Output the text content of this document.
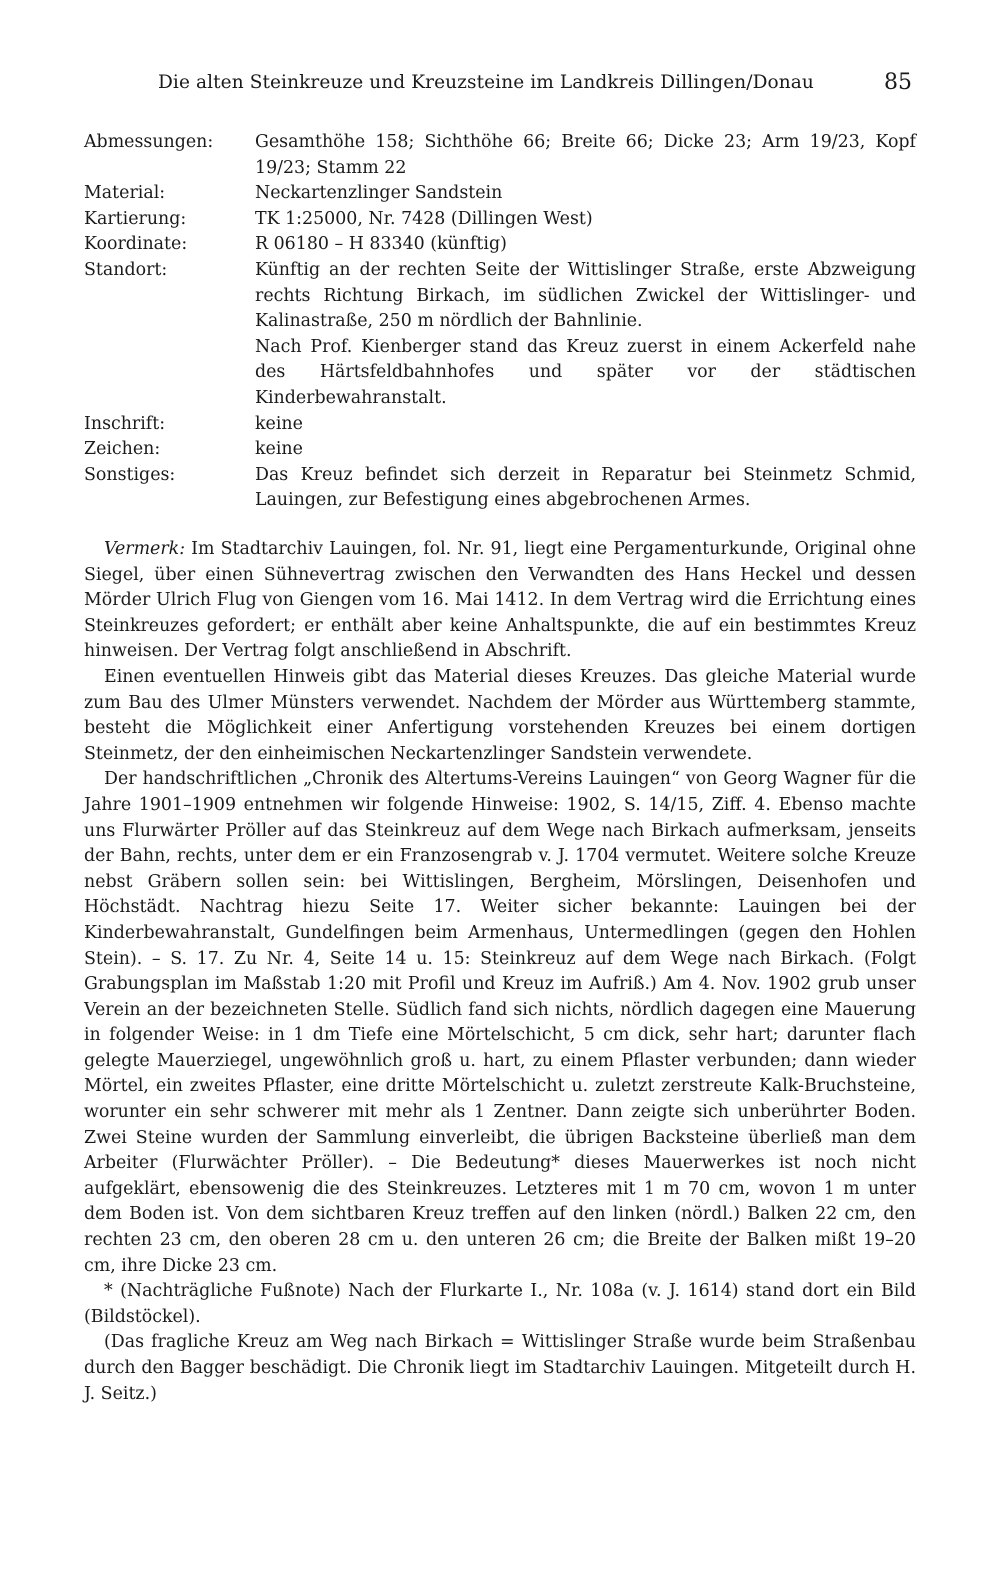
Die alten Steinkreuze und Kreuzsteine im Landkreis Dillingen/Donau	85
Abmessungen:	Gesamthöhe 158; Sichthöhe 66; Breite 66; Dicke 23; Arm 19/23, Kopf 19/23; Stamm 22

Material:	Neckartenzlinger Sandstein

Kartierung:	TK 1:25000, Nr. 7428 (Dillingen West)

Koordinate:	R 06180 – H 83340 (künftig)

Standort:	Künftig an der rechten Seite der Wittislinger Straße, erste Abzweigung rechts Richtung Birkach, im südlichen Zwickel der Wittislinger- und Kalinastraße, 250 m nördlich der Bahnlinie.

Nach Prof. Kienberger stand das Kreuz zuerst in einem Ackerfeld nahe des Härtsfeldbahnhofes und später vor der städtischen Kinderbewahranstalt.

Inschrift:	keine

Zeichen:	keine

Sonstiges:	Das Kreuz befindet sich derzeit in Reparatur bei Steinmetz Schmid, Lauingen, zur Befestigung eines abgebrochenen Armes.

Vermerk: Im Stadtarchiv Lauingen, fol. Nr. 91, liegt eine Pergamenturkunde, Original ohne Siegel, über einen Sühnevertrag zwischen den Verwandten des Hans Heckel und dessen Mörder Ulrich Flug von Giengen vom 16. Mai 1412. In dem Vertrag wird die Errichtung eines Steinkreuzes gefordert; er enthält aber keine Anhaltspunkte, die auf ein bestimmtes Kreuz hinweisen. Der Vertrag folgt anschließend in Abschrift.

Einen eventuellen Hinweis gibt das Material dieses Kreuzes. Das gleiche Material wurde zum Bau des Ulmer Münsters verwendet. Nachdem der Mörder aus Württemberg stammte, besteht die Möglichkeit einer Anfertigung vorstehenden Kreuzes bei einem dortigen Steinmetz, der den einheimischen Neckartenzlinger Sandstein verwendete.

Der handschriftlichen „Chronik des Altertums-Vereins Lauingen“ von Georg Wagner für die Jahre 1901–1909 entnehmen wir folgende Hinweise: 1902, S. 14/15, Ziff. 4. Ebenso machte uns Flurwärter Pröller auf das Steinkreuz auf dem Wege nach Birkach aufmerksam, jenseits der Bahn, rechts, unter dem er ein Franzosengrab v. J. 1704 vermutet. Weitere solche Kreuze nebst Gräbern sollen sein: bei Wittislingen, Bergheim, Mörslingen, Deisenhofen und Höchstädt. Nachtrag hiezu Seite 17. Weiter sicher bekannte: Lauingen bei der Kinderbewahranstalt, Gundelfingen beim Armenhaus, Untermedlingen (gegen den Hohlen Stein). – S. 17. Zu Nr. 4, Seite 14 u. 15: Steinkreuz auf dem Wege nach Birkach. (Folgt Grabungsplan im Maßstab 1:20 mit Profil und Kreuz im Aufriß.) Am 4. Nov. 1902 grub unser Verein an der bezeichneten Stelle. Südlich fand sich nichts, nördlich dagegen eine Mauerung in folgender Weise: in 1 dm Tiefe eine Mörtelschicht, 5 cm dick, sehr hart; darunter flach gelegte Mauerziegel, ungewöhnlich groß u. hart, zu einem Pflaster verbunden; dann wieder Mörtel, ein zweites Pflaster, eine dritte Mörtelschicht u. zuletzt zerstreute Kalk-Bruchsteine, worunter ein sehr schwerer mit mehr als 1 Zentner. Dann zeigte sich unberührter Boden. Zwei Steine wurden der Sammlung einverleibt, die übrigen Backsteine überließ man dem Arbeiter (Flurwächter Pröller). – Die Bedeutung* dieses Mauerwerkes ist noch nicht aufgeklärt, ebensowenig die des Steinkreuzes. Letzteres mit 1 m 70 cm, wovon 1 m unter dem Boden ist. Von dem sichtbaren Kreuz treffen auf den linken (nördl.) Balken 22 cm, den rechten 23 cm, den oberen 28 cm u. den unteren 26 cm; die Breite der Balken mißt 19–20 cm, ihre Dicke 23 cm.

* (Nachträgliche Fußnote) Nach der Flurkarte I., Nr. 108a (v. J. 1614) stand dort ein Bild (Bildstöckel).

(Das fragliche Kreuz am Weg nach Birkach = Wittislinger Straße wurde beim Straßenbau durch den Bagger beschädigt. Die Chronik liegt im Stadtarchiv Lauingen. Mitgeteilt durch H. J. Seitz.)
